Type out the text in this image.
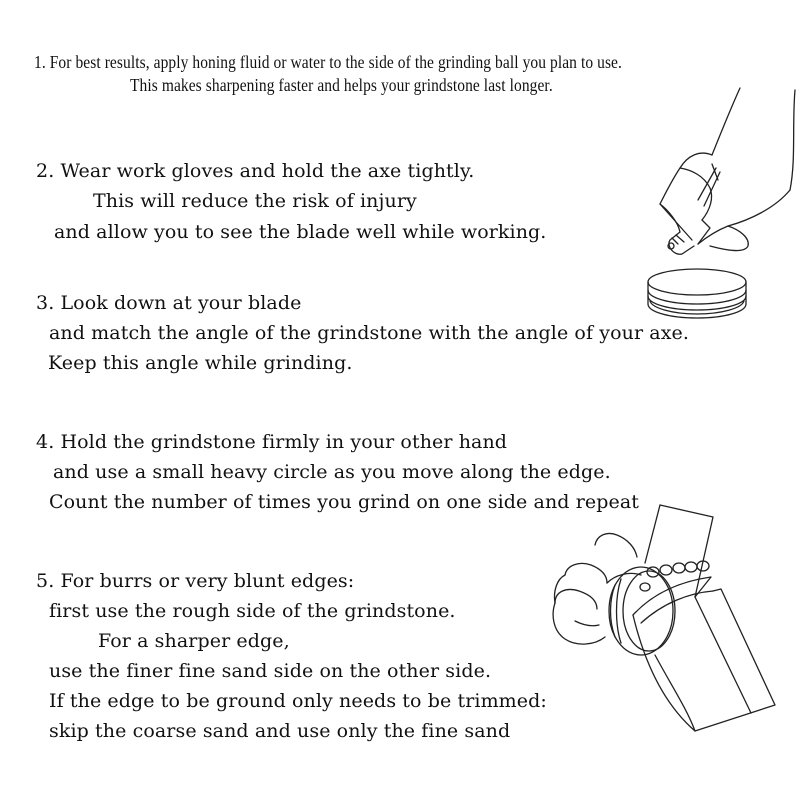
1. For best results, apply honing fluid or water to the side of the grinding ball you plan to use.
This makes sharpening faster and helps your grindstone last longer.
2. Wear work gloves and hold the axe tightly.
This will reduce the risk of injury
and allow you to see the blade well while working.
3. Look down at your blade
and match the angle of the grindstone with the angle of your axe.
Keep this angle while grinding.
4. Hold the grindstone firmly in your other hand
and use a small heavy circle as you move along the edge.
Count the number of times you grind on one side and repeat
5. For burrs or very blunt edges:
first use the rough side of the grindstone.
For a sharper edge,
use the finer fine sand side on the other side.
If the edge to be ground only needs to be trimmed:
skip the coarse sand and use only the fine sand
